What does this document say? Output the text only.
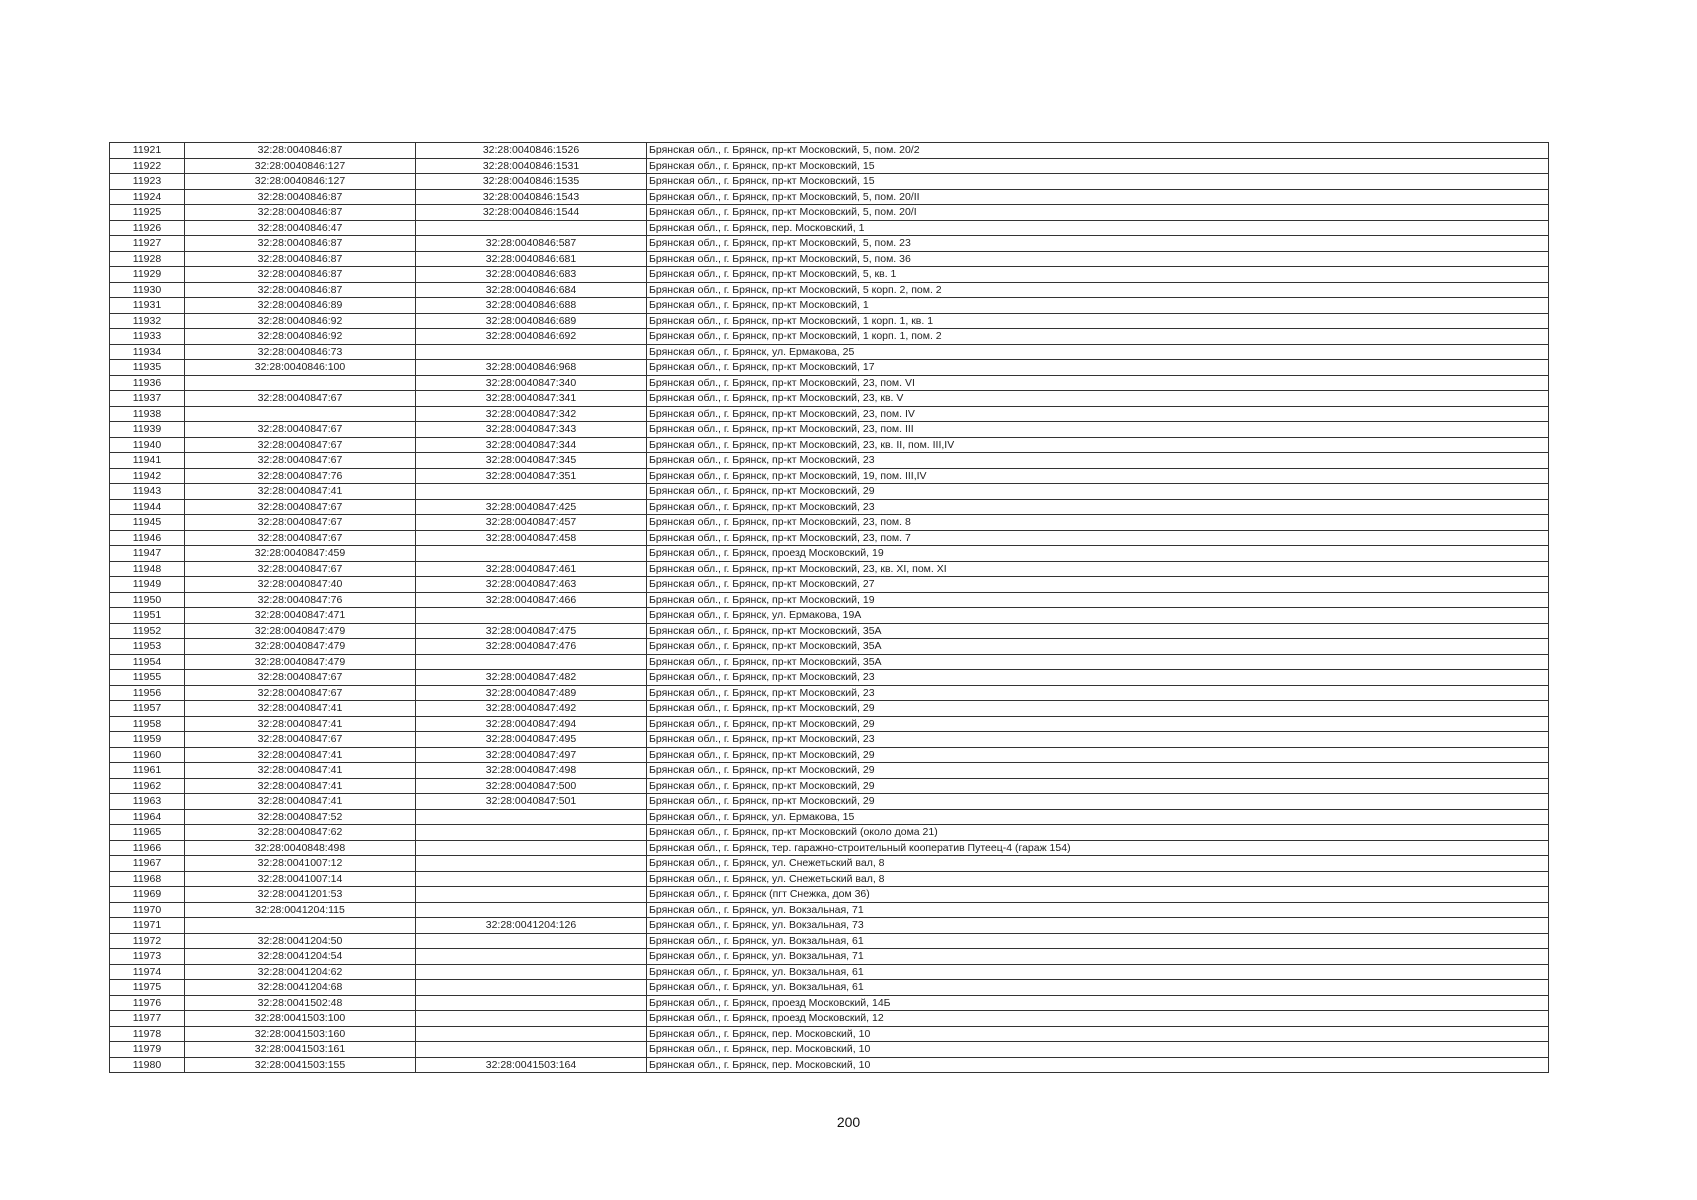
11921	32:28:0040846:87	32:28:0040846:1526	Брянская обл., г. Брянск, пр-кт Московский, 5, пом. 20/2
11922	32:28:0040846:127	32:28:0040846:1531	Брянская обл., г. Брянск, пр-кт Московский, 15
11923	32:28:0040846:127	32:28:0040846:1535	Брянская обл., г. Брянск, пр-кт Московский, 15
11924	32:28:0040846:87	32:28:0040846:1543	Брянская обл., г. Брянск, пр-кт Московский, 5, пом. 20/II
11925	32:28:0040846:87	32:28:0040846:1544	Брянская обл., г. Брянск, пр-кт Московский, 5, пом. 20/I
11926	32:28:0040846:47		Брянская обл., г. Брянск, пер. Московский, 1
11927	32:28:0040846:87	32:28:0040846:587	Брянская обл., г. Брянск, пр-кт Московский, 5, пом. 23
11928	32:28:0040846:87	32:28:0040846:681	Брянская обл., г. Брянск, пр-кт Московский, 5, пом. 36
11929	32:28:0040846:87	32:28:0040846:683	Брянская обл., г. Брянск, пр-кт Московский, 5, кв. 1
11930	32:28:0040846:87	32:28:0040846:684	Брянская обл., г. Брянск, пр-кт Московский, 5 корп. 2, пом. 2
11931	32:28:0040846:89	32:28:0040846:688	Брянская обл., г. Брянск, пр-кт Московский, 1
11932	32:28:0040846:92	32:28:0040846:689	Брянская обл., г. Брянск, пр-кт Московский, 1 корп. 1, кв. 1
11933	32:28:0040846:92	32:28:0040846:692	Брянская обл., г. Брянск, пр-кт Московский, 1 корп. 1, пом. 2
11934	32:28:0040846:73		Брянская обл., г. Брянск, ул. Ермакова, 25
11935	32:28:0040846:100	32:28:0040846:968	Брянская обл., г. Брянск, пр-кт Московский, 17
11936		32:28:0040847:340	Брянская обл., г. Брянск, пр-кт Московский, 23, пом. VI
11937	32:28:0040847:67	32:28:0040847:341	Брянская обл., г. Брянск, пр-кт Московский, 23, кв. V
11938		32:28:0040847:342	Брянская обл., г. Брянск, пр-кт Московский, 23, пом. IV
11939	32:28:0040847:67	32:28:0040847:343	Брянская обл., г. Брянск, пр-кт Московский, 23, пом. III
11940	32:28:0040847:67	32:28:0040847:344	Брянская обл., г. Брянск, пр-кт Московский, 23, кв. II, пом. III,IV
11941	32:28:0040847:67	32:28:0040847:345	Брянская обл., г. Брянск, пр-кт Московский, 23
11942	32:28:0040847:76	32:28:0040847:351	Брянская обл., г. Брянск, пр-кт Московский, 19, пом. III,IV
11943	32:28:0040847:41		Брянская обл., г. Брянск, пр-кт Московский, 29
11944	32:28:0040847:67	32:28:0040847:425	Брянская обл., г. Брянск, пр-кт Московский, 23
11945	32:28:0040847:67	32:28:0040847:457	Брянская обл., г. Брянск, пр-кт Московский, 23, пом. 8
11946	32:28:0040847:67	32:28:0040847:458	Брянская обл., г. Брянск, пр-кт Московский, 23, пом. 7
11947	32:28:0040847:459		Брянская обл., г. Брянск, проезд Московский, 19
11948	32:28:0040847:67	32:28:0040847:461	Брянская обл., г. Брянск, пр-кт Московский, 23, кв. XI, пом. XI
11949	32:28:0040847:40	32:28:0040847:463	Брянская обл., г. Брянск, пр-кт Московский, 27
11950	32:28:0040847:76	32:28:0040847:466	Брянская обл., г. Брянск, пр-кт Московский, 19
11951	32:28:0040847:471		Брянская обл., г. Брянск, ул. Ермакова, 19А
11952	32:28:0040847:479	32:28:0040847:475	Брянская обл., г. Брянск, пр-кт Московский, 35А
11953	32:28:0040847:479	32:28:0040847:476	Брянская обл., г. Брянск, пр-кт Московский, 35А
11954	32:28:0040847:479		Брянская обл., г. Брянск, пр-кт Московский, 35А
11955	32:28:0040847:67	32:28:0040847:482	Брянская обл., г. Брянск, пр-кт Московский, 23
11956	32:28:0040847:67	32:28:0040847:489	Брянская обл., г. Брянск, пр-кт Московский, 23
11957	32:28:0040847:41	32:28:0040847:492	Брянская обл., г. Брянск, пр-кт Московский, 29
11958	32:28:0040847:41	32:28:0040847:494	Брянская обл., г. Брянск, пр-кт Московский, 29
11959	32:28:0040847:67	32:28:0040847:495	Брянская обл., г. Брянск, пр-кт Московский, 23
11960	32:28:0040847:41	32:28:0040847:497	Брянская обл., г. Брянск, пр-кт Московский, 29
11961	32:28:0040847:41	32:28:0040847:498	Брянская обл., г. Брянск, пр-кт Московский, 29
11962	32:28:0040847:41	32:28:0040847:500	Брянская обл., г. Брянск, пр-кт Московский, 29
11963	32:28:0040847:41	32:28:0040847:501	Брянская обл., г. Брянск, пр-кт Московский, 29
11964	32:28:0040847:52		Брянская обл., г. Брянск, ул. Ермакова, 15
11965	32:28:0040847:62		Брянская обл., г. Брянск, пр-кт Московский (около дома 21)
11966	32:28:0040848:498		Брянская обл., г. Брянск, тер. гаражно-строительный кооператив Путеец-4 (гараж 154)
11967	32:28:0041007:12		Брянская обл., г. Брянск, ул. Снежетьский вал, 8
11968	32:28:0041007:14		Брянская обл., г. Брянск, ул. Снежетьский вал, 8
11969	32:28:0041201:53		Брянская обл., г. Брянск (пгт Снежка, дом 36)
11970	32:28:0041204:115		Брянская обл., г. Брянск, ул. Вокзальная, 71
11971		32:28:0041204:126	Брянская обл., г. Брянск, ул. Вокзальная, 73
11972	32:28:0041204:50		Брянская обл., г. Брянск, ул. Вокзальная, 61
11973	32:28:0041204:54		Брянская обл., г. Брянск, ул. Вокзальная, 71
11974	32:28:0041204:62		Брянская обл., г. Брянск, ул. Вокзальная, 61
11975	32:28:0041204:68		Брянская обл., г. Брянск, ул. Вокзальная, 61
11976	32:28:0041502:48		Брянская обл., г. Брянск, проезд Московский, 14Б
11977	32:28:0041503:100		Брянская обл., г. Брянск, проезд Московский, 12
11978	32:28:0041503:160		Брянская обл., г. Брянск, пер. Московский, 10
11979	32:28:0041503:161		Брянская обл., г. Брянск, пер. Московский, 10
11980	32:28:0041503:155	32:28:0041503:164	Брянская обл., г. Брянск, пер. Московский, 10
200
